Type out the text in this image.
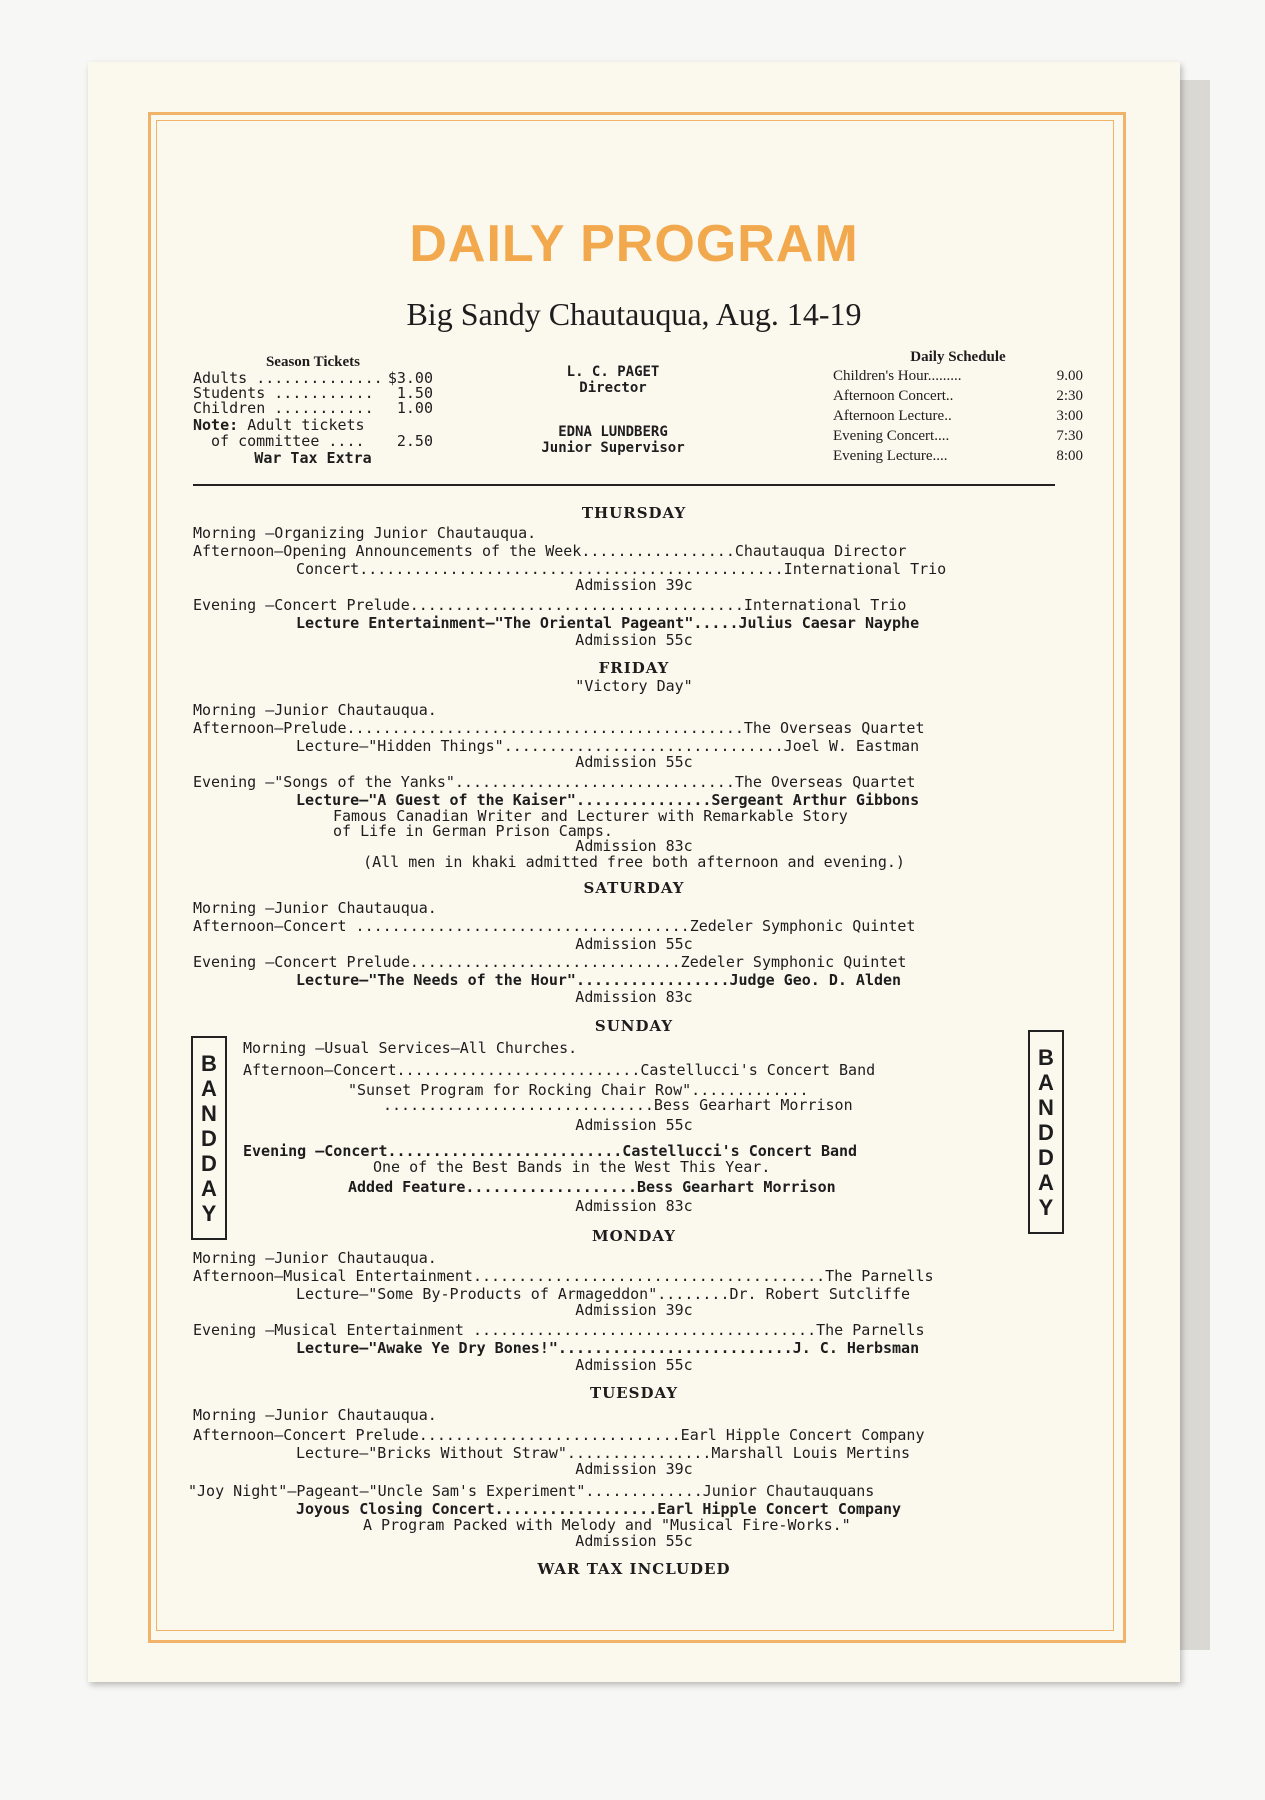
DAILY PROGRAM
Big Sandy Chautauqua, Aug. 14-19
Season Tickets
Adults .............. $3.00
Students ........... 1.50
Children ........... 1.00
Note: Adult tickets
of committee .... 2.50
War Tax Extra
L. C. PAGET
Director
EDNA LUNDBERG
Junior Supervisor
Daily Schedule
Children's Hour.........	9.00
Afternoon Concert..	2:30
Afternoon Lecture..	3:00
Evening Concert....	7:30
Evening Lecture....	8:00
THURSDAY
Morning —Organizing Junior Chautauqua.
Afternoon—Opening Announcements of the Week.................Chautauqua Director
Concert...............................................International Trio
Admission 39c
Evening —Concert Prelude.....................................International Trio
Lecture Entertainment—"The Oriental Pageant".....Julius Caesar Nayphe
Admission 55c
FRIDAY
"Victory Day"
Morning —Junior Chautauqua.
Afternoon—Prelude............................................The Overseas Quartet
Lecture—"Hidden Things"...............................Joel W. Eastman
Admission 55c
Evening —"Songs of the Yanks"...............................The Overseas Quartet
Lecture—"A Guest of the Kaiser"...............Sergeant Arthur Gibbons
Famous Canadian Writer and Lecturer with Remarkable Story
of Life in German Prison Camps.
Admission 83c
(All men in khaki admitted free both afternoon and evening.)
SATURDAY
Morning —Junior Chautauqua.
Afternoon—Concert .....................................Zedeler Symphonic Quintet
Admission 55c
Evening —Concert Prelude..............................Zedeler Symphonic Quintet
Lecture—"The Needs of the Hour".................Judge Geo. D. Alden
Admission 83c
SUNDAY
B
A
N
D
D
A
Y
B
A
N
D
D
A
Y
Morning —Usual Services—All Churches.
Afternoon—Concert...........................Castellucci's Concert Band
"Sunset Program for Rocking Chair Row".............
..............................Bess Gearhart Morrison
Admission 55c
Evening —Concert..........................Castellucci's Concert Band
One of the Best Bands in the West This Year.
Added Feature...................Bess Gearhart Morrison
Admission 83c
MONDAY
Morning —Junior Chautauqua.
Afternoon—Musical Entertainment.......................................The Parnells
Lecture—"Some By-Products of Armageddon"........Dr. Robert Sutcliffe
Admission 39c
Evening —Musical Entertainment ......................................The Parnells
Lecture—"Awake Ye Dry Bones!"..........................J. C. Herbsman
Admission 55c
TUESDAY
Morning —Junior Chautauqua.
Afternoon—Concert Prelude.............................Earl Hipple Concert Company
Lecture—"Bricks Without Straw"................Marshall Louis Mertins
Admission 39c
"Joy Night"—Pageant—"Uncle Sam's Experiment".............Junior Chautauquans
Joyous Closing Concert..................Earl Hipple Concert Company
A Program Packed with Melody and "Musical Fire-Works."
Admission 55c
WAR TAX INCLUDED
